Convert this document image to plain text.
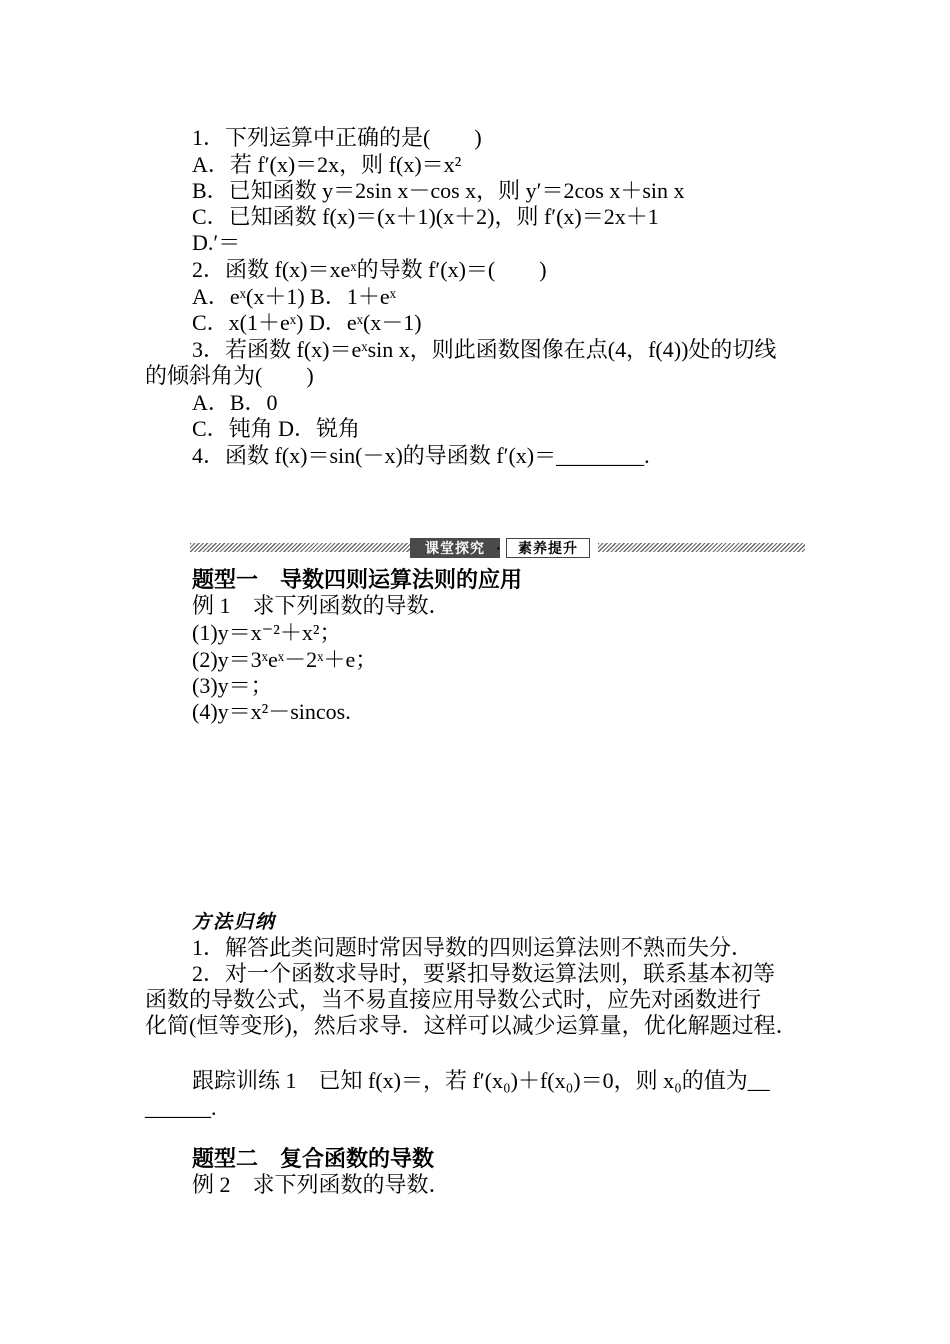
1．下列运算中正确的是(　　)
A．若 f′(x)＝2x，则 f(x)＝x²
B．已知函数 y＝2sin x－cos x，则 y′＝2cos x＋sin x
C．已知函数 f(x)＝(x＋1)(x＋2)，则 f′(x)＝2x＋1
D.′＝
2．函数 f(x)＝xeˣ的导数 f′(x)＝(　　)
A．eˣ(x＋1) B．1＋eˣ
C．x(1＋eˣ) D．eˣ(x－1)
3．若函数 f(x)＝eˣsin x，则此函数图像在点(4，f(4))处的切线
的倾斜角为(　　)
A．B．0
C．钝角 D．锐角
4．函数 f(x)＝sin(－x)的导函数 f′(x)＝________.
课堂探究 ·	素养提升
题型一　导数四则运算法则的应用
例 1　求下列函数的导数．
(1)y＝x⁻²＋x²；
(2)y＝3ˣeˣ－2ˣ＋e；
(3)y＝；
(4)y＝x²－sincos.
方法归纳
1．解答此类问题时常因导数的四则运算法则不熟而失分．
2．对一个函数求导时，要紧扣导数运算法则，联系基本初等
函数的导数公式，当不易直接应用导数公式时，应先对函数进行
化简(恒等变形)，然后求导．这样可以减少运算量，优化解题过程．
跟踪训练 1　已知 f(x)＝，若 f′(x₀)＋f(x₀)＝0，则 x₀的值为__
______.
题型二　复合函数的导数
例 2　求下列函数的导数．
